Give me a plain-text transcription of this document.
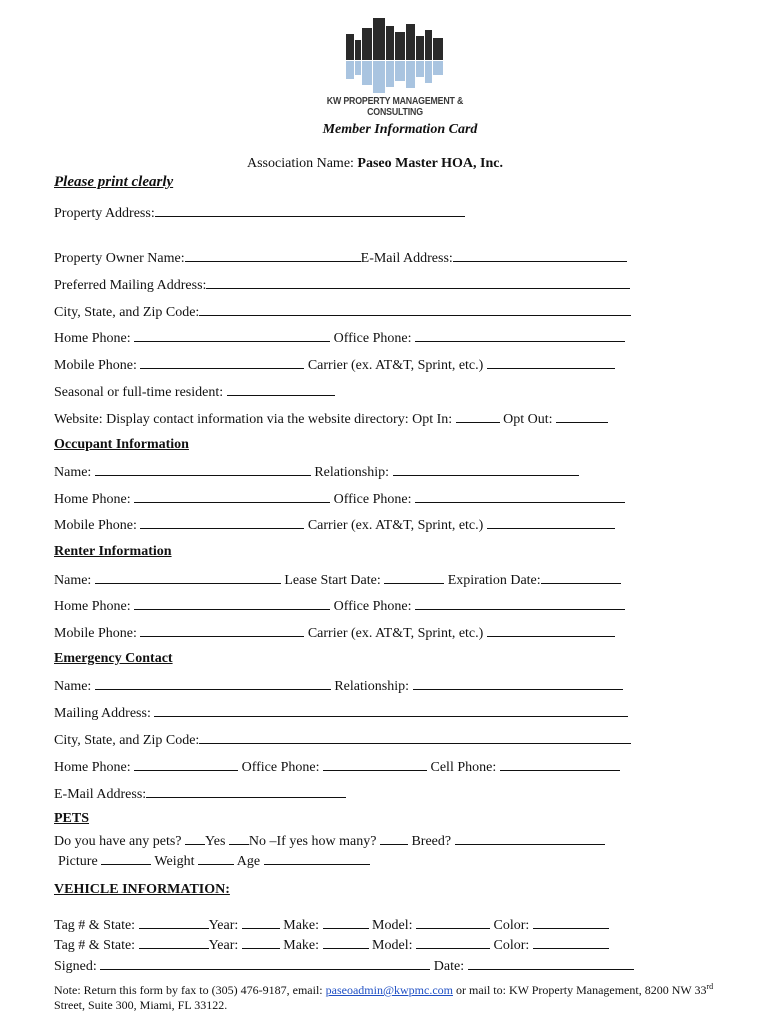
KW PROPERTY MANAGEMENT & CONSULTING
Member Information Card
Association Name: Paseo Master HOA, Inc.
Please print clearly
Property Address:
Property Owner Name:	E-Mail Address:
Preferred Mailing Address:
City, State, and Zip Code:
Home Phone:	Office Phone:
Mobile Phone:	Carrier (ex. AT&T, Sprint, etc.)
Seasonal or full-time resident:
Website: Display contact information via the website directory: Opt In:	Opt Out:
Occupant Information
Name:	Relationship:
Home Phone:	Office Phone:
Mobile Phone:	Carrier (ex. AT&T, Sprint, etc.)
Renter Information
Name:	Lease Start Date:	Expiration Date:
Home Phone:	Office Phone:
Mobile Phone:	Carrier (ex. AT&T, Sprint, etc.)
Emergency Contact
Name:	Relationship:
Mailing Address:
City, State, and Zip Code:
Home Phone:	Office Phone:	Cell Phone:
E-Mail Address:
PETS
Do you have any pets? Yes No –If yes how many?	Breed?
Picture	Weight	Age
VEHICLE INFORMATION:
Tag # & State:	Year:	Make:	Model:	Color:
Tag # & State:	Year:	Make:	Model:	Color:
Signed:	Date:
Note: Return this form by fax to (305) 476-9187, email: paseoadmin@kwpmc.com or mail to: KW Property Management, 8200 NW 33rd Street, Suite 300, Miami, FL 33122.
